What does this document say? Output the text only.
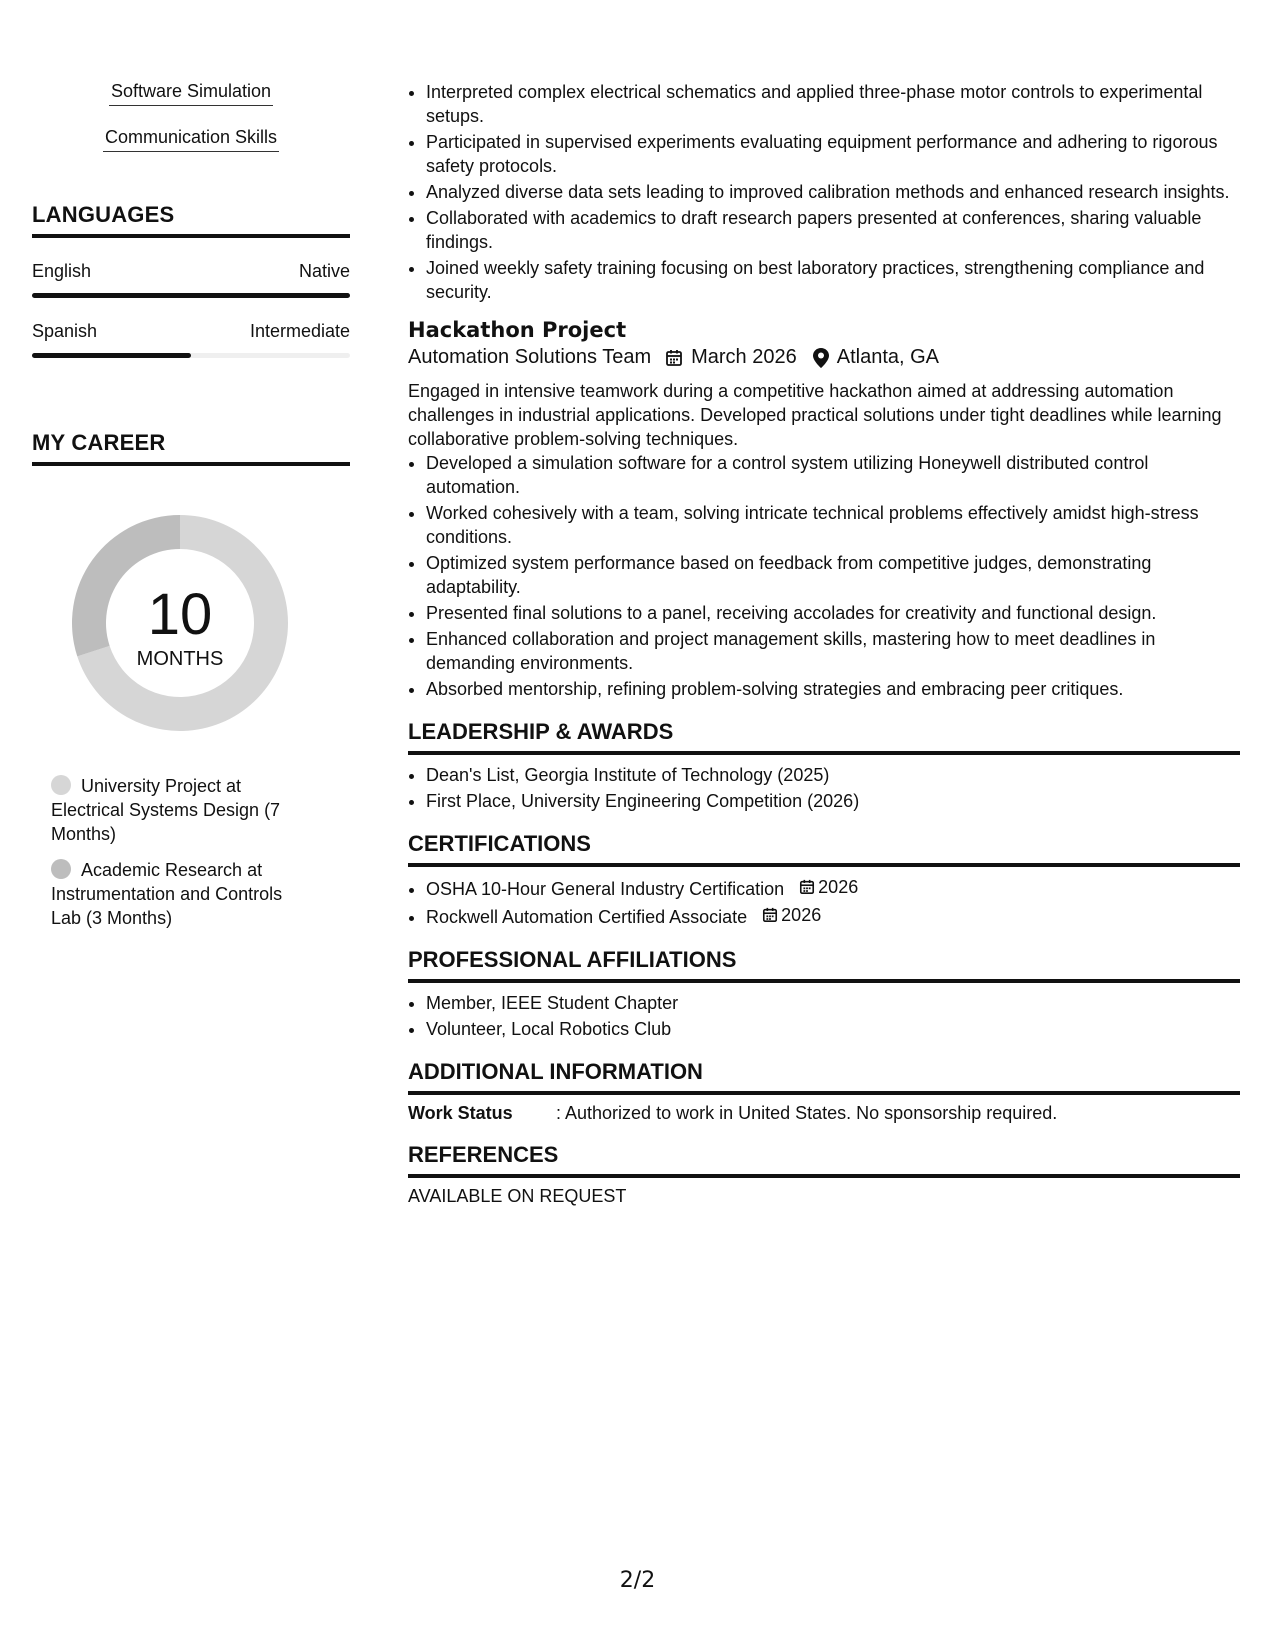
Software Simulation
Communication Skills
LANGUAGES
English	Native
Spanish	Intermediate
MY CAREER
10
MONTHS
University Project at Electrical Systems Design (7 Months)
Academic Research at Instrumentation and Controls Lab (3 Months)
• Interpreted complex electrical schematics and applied three-phase motor controls to experimental setups.
• Participated in supervised experiments evaluating equipment performance and adhering to rigorous safety protocols.
• Analyzed diverse data sets leading to improved calibration methods and enhanced research insights.
• Collaborated with academics to draft research papers presented at conferences, sharing valuable findings.
• Joined weekly safety training focusing on best laboratory practices, strengthening compliance and security.
Hackathon Project
Automation Solutions Team March 2026 Atlanta, GA

Engaged in intensive teamwork during a competitive hackathon aimed at addressing automation challenges in industrial applications. Developed practical solutions under tight deadlines while learning collaborative problem-solving techniques.

• Developed a simulation software for a control system utilizing Honeywell distributed control automation.
• Worked cohesively with a team, solving intricate technical problems effectively amidst high-stress conditions.
• Optimized system performance based on feedback from competitive judges, demonstrating adaptability.
• Presented final solutions to a panel, receiving accolades for creativity and functional design.
• Enhanced collaboration and project management skills, mastering how to meet deadlines in demanding environments.
• Absorbed mentorship, refining problem-solving strategies and embracing peer critiques.
LEADERSHIP & AWARDS
• Dean's List, Georgia Institute of Technology (2025)
• First Place, University Engineering Competition (2026)
CERTIFICATIONS
• OSHA 10-Hour General Industry Certification 2026
• Rockwell Automation Certified Associate 2026
PROFESSIONAL AFFILIATIONS
• Member, IEEE Student Chapter
• Volunteer, Local Robotics Club
ADDITIONAL INFORMATION
Work Status	: Authorized to work in United States. No sponsorship required.
REFERENCES
AVAILABLE ON REQUEST
2/2
